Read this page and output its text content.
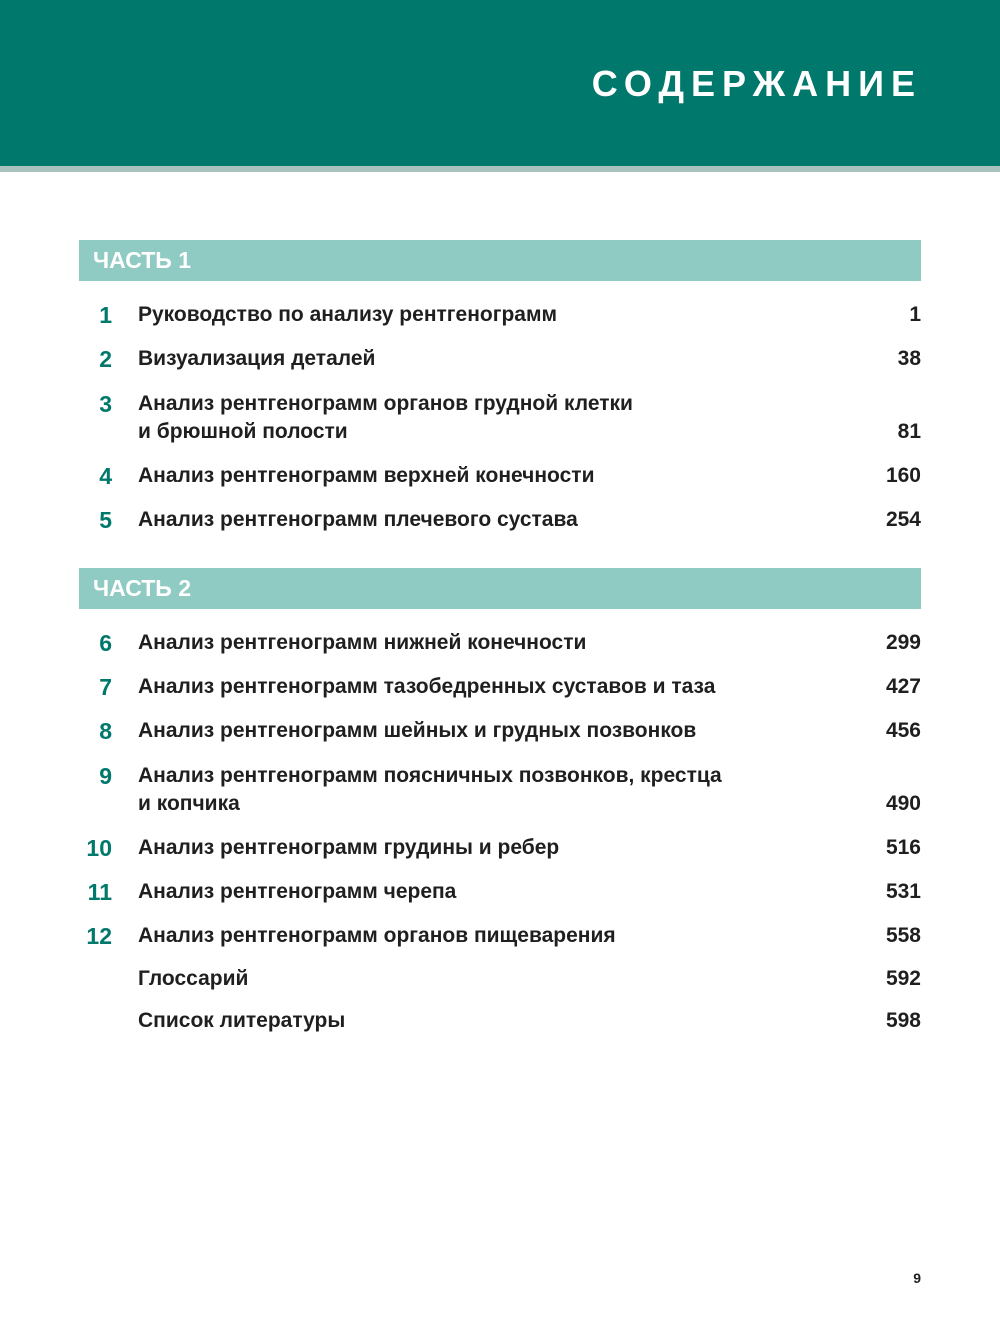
СОДЕРЖАНИЕ
ЧАСТЬ 1
1 Руководство по анализу рентгенограмм	1
2 Визуализация деталей	38
3 Анализ рентгенограмм органов грудной клетки
и брюшной полости	81
4 Анализ рентгенограмм верхней конечности	160
5 Анализ рентгенограмм плечевого сустава	254
ЧАСТЬ 2
6 Анализ рентгенограмм нижней конечности	299
7 Анализ рентгенограмм тазобедренных суставов и таза	427
8 Анализ рентгенограмм шейных и грудных позвонков	456
9 Анализ рентгенограмм поясничных позвонков, крестца
и копчика	490
10 Анализ рентгенограмм грудины и ребер	516
11 Анализ рентгенограмм черепа	531
12 Анализ рентгенограмм органов пищеварения	558
Глоссарий	592
Список литературы	598
9
